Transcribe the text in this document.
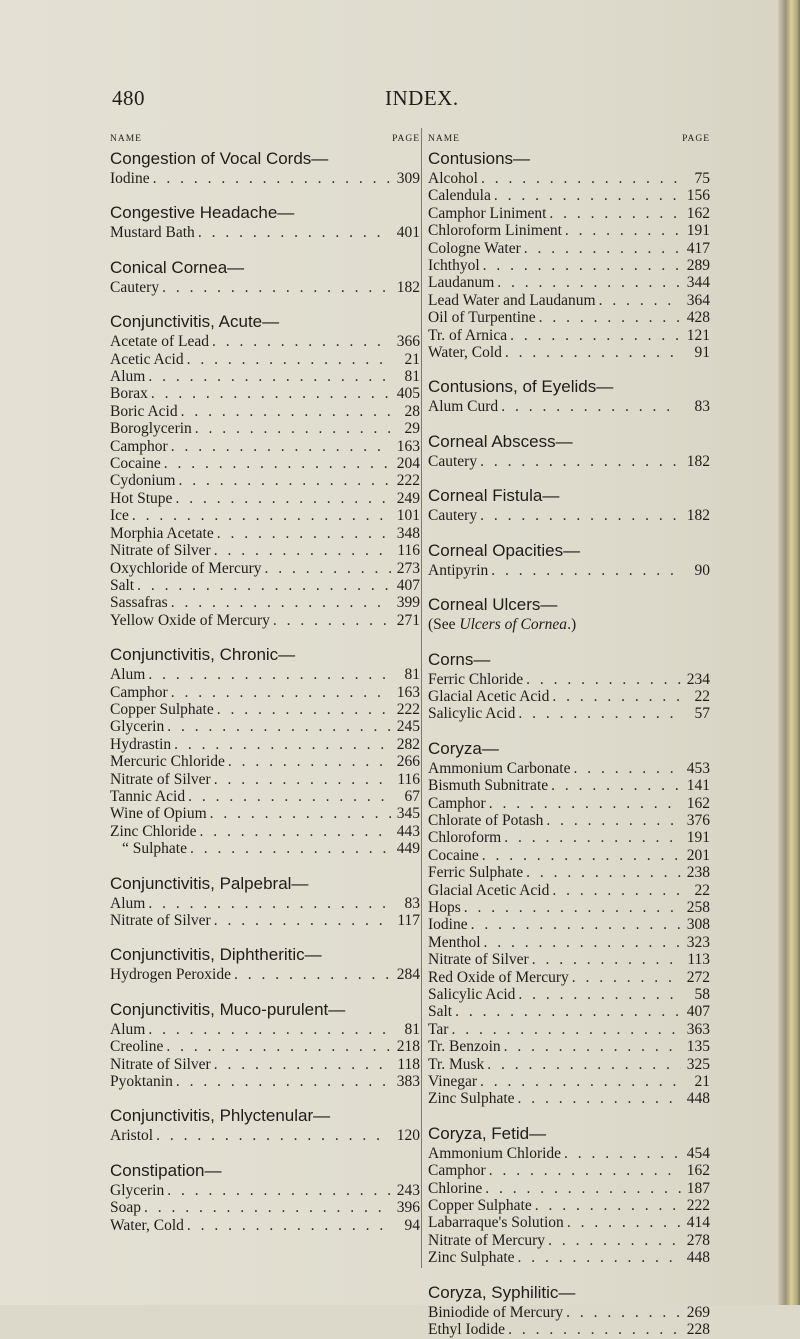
480	INDEX.
NAME	PAGE
Congestion of Vocal Cords—
Iodine . . .	309
Congestive Headache—
Mustard Bath . . .	401
Conical Cornea—
Cautery . . .	182
Conjunctivitis, Acute—
Acetate of Lead . . .	366
Acetic Acid . . .	21
Alum . . .	81
Borax . . .	405
Boric Acid . . .	28
Boroglycerin . . .	29
Camphor . . .	163
Cocaine . . .	204
Cydonium . . .	222
Hot Stupe . . .	249
Ice . . .	101
Morphia Acetate . . .	348
Nitrate of Silver . . .	116
Oxychloride of Mercury . . .	273
Salt . . .	407
Sassafras . . .	399
Yellow Oxide of Mercury . . .	271
Conjunctivitis, Chronic—
Alum . . .	81
Camphor . . .	163
Copper Sulphate . . .	222
Glycerin . . .	245
Hydrastin . . .	282
Mercuric Chloride . . .	266
Nitrate of Silver . . .	116
Tannic Acid . . .	67
Wine of Opium . . .	345
Zinc Chloride . . .	443
“ Sulphate . . .	449
Conjunctivitis, Palpebral—
Alum . . .	83
Nitrate of Silver . . .	117
Conjunctivitis, Diphtheritic—
Hydrogen Peroxide . . .	284
Conjunctivitis, Muco-purulent—
Alum . . .	81
Creoline . . .	218
Nitrate of Silver . . .	118
Pyoktanin . . .	383
Conjunctivitis, Phlyctenular—
Aristol . . .	120
Constipation—
Glycerin . . .	243
Soap . . .	396
Water, Cold . . .	94
NAME	PAGE
Contusions—
Alcohol . . .	75
Calendula . . .	156
Camphor Liniment . . .	162
Chloroform Liniment . . .	191
Cologne Water . . .	417
Ichthyol . . .	289
Laudanum . . .	344
Lead Water and Laudanum . . .	364
Oil of Turpentine . . .	428
Tr. of Arnica . . .	121
Water, Cold . . .	91
Contusions, of Eyelids—
Alum Curd . . .	83
Corneal Abscess—
Cautery . . .	182
Corneal Fistula—
Cautery . . .	182
Corneal Opacities—
Antipyrin . . .	90
Corneal Ulcers—
(See Ulcers of Cornea.)
Corns—
Ferric Chloride . . .	234
Glacial Acetic Acid . . .	22
Salicylic Acid . . .	57
Coryza—
Ammonium Carbonate . . .	453
Bismuth Subnitrate . . .	141
Camphor . . .	162
Chlorate of Potash . . .	376
Chloroform . . .	191
Cocaine . . .	201
Ferric Sulphate . . .	238
Glacial Acetic Acid . . .	22
Hops . . .	258
Iodine . . .	308
Menthol . . .	323
Nitrate of Silver . . .	113
Red Oxide of Mercury . . .	272
Salicylic Acid . . .	58
Salt . . .	407
Tar . . .	363
Tr. Benzoin . . .	135
Tr. Musk . . .	325
Vinegar . . .	21
Zinc Sulphate . . .	448
Coryza, Fetid—
Ammonium Chloride . . .	454
Camphor . . .	162
Chlorine . . .	187
Copper Sulphate . . .	222
Labarraque's Solution . . .	414
Nitrate of Mercury . . .	278
Zinc Sulphate . . .	448
Coryza, Syphilitic—
Biniodide of Mercury . . .	269
Ethyl Iodide . . .	228
